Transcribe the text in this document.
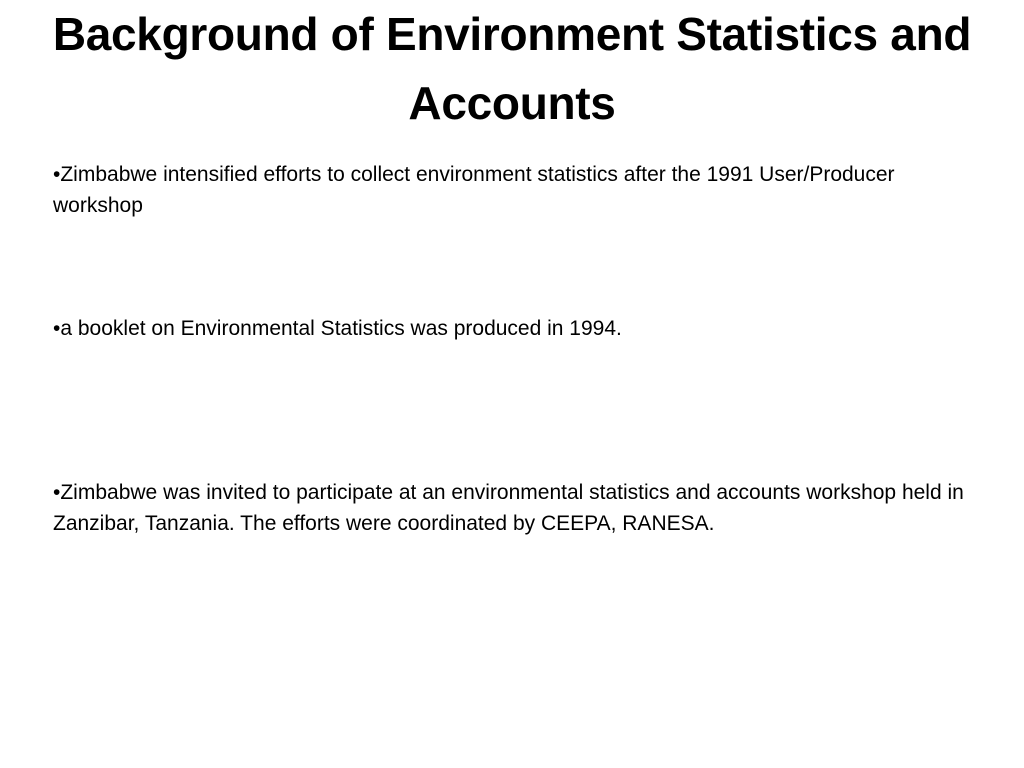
Background of Environment Statistics and Accounts

•Zimbabwe intensified efforts to collect environment statistics after the 1991 User/Producer workshop

•a booklet on Environmental Statistics was produced in 1994.

•Zimbabwe was invited to participate at an environmental statistics and accounts workshop held in Zanzibar, Tanzania. The efforts were coordinated by CEEPA, RANESA.
